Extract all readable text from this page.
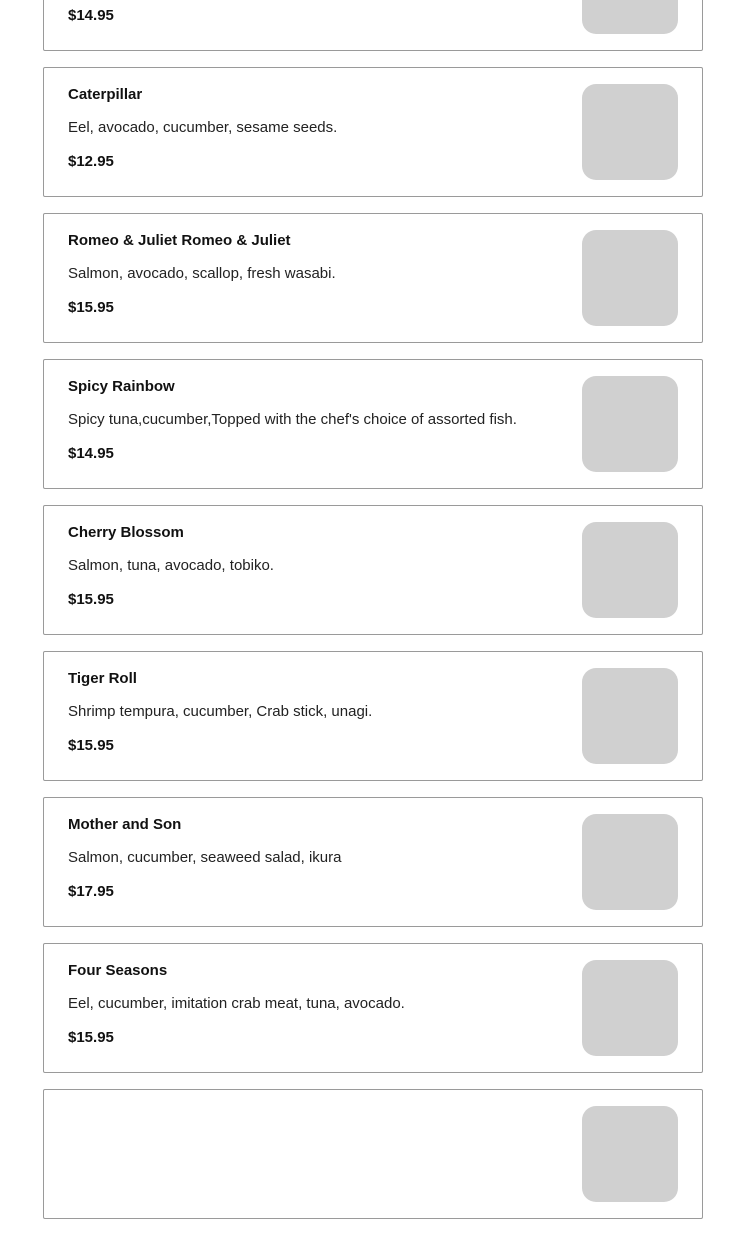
$14.95
Caterpillar
Eel, avocado, cucumber, sesame seeds.
$12.95
Romeo & Juliet Romeo & Juliet
Salmon, avocado, scallop, fresh wasabi.
$15.95
Spicy Rainbow
Spicy tuna,cucumber,Topped with the chef's choice of assorted fish.
$14.95
Cherry Blossom
Salmon, tuna, avocado, tobiko.
$15.95
Tiger Roll
Shrimp tempura, cucumber, Crab stick, unagi.
$15.95
Mother and Son
Salmon, cucumber, seaweed salad, ikura
$17.95
Four Seasons
Eel, cucumber, imitation crab meat, tuna, avocado.
$15.95
